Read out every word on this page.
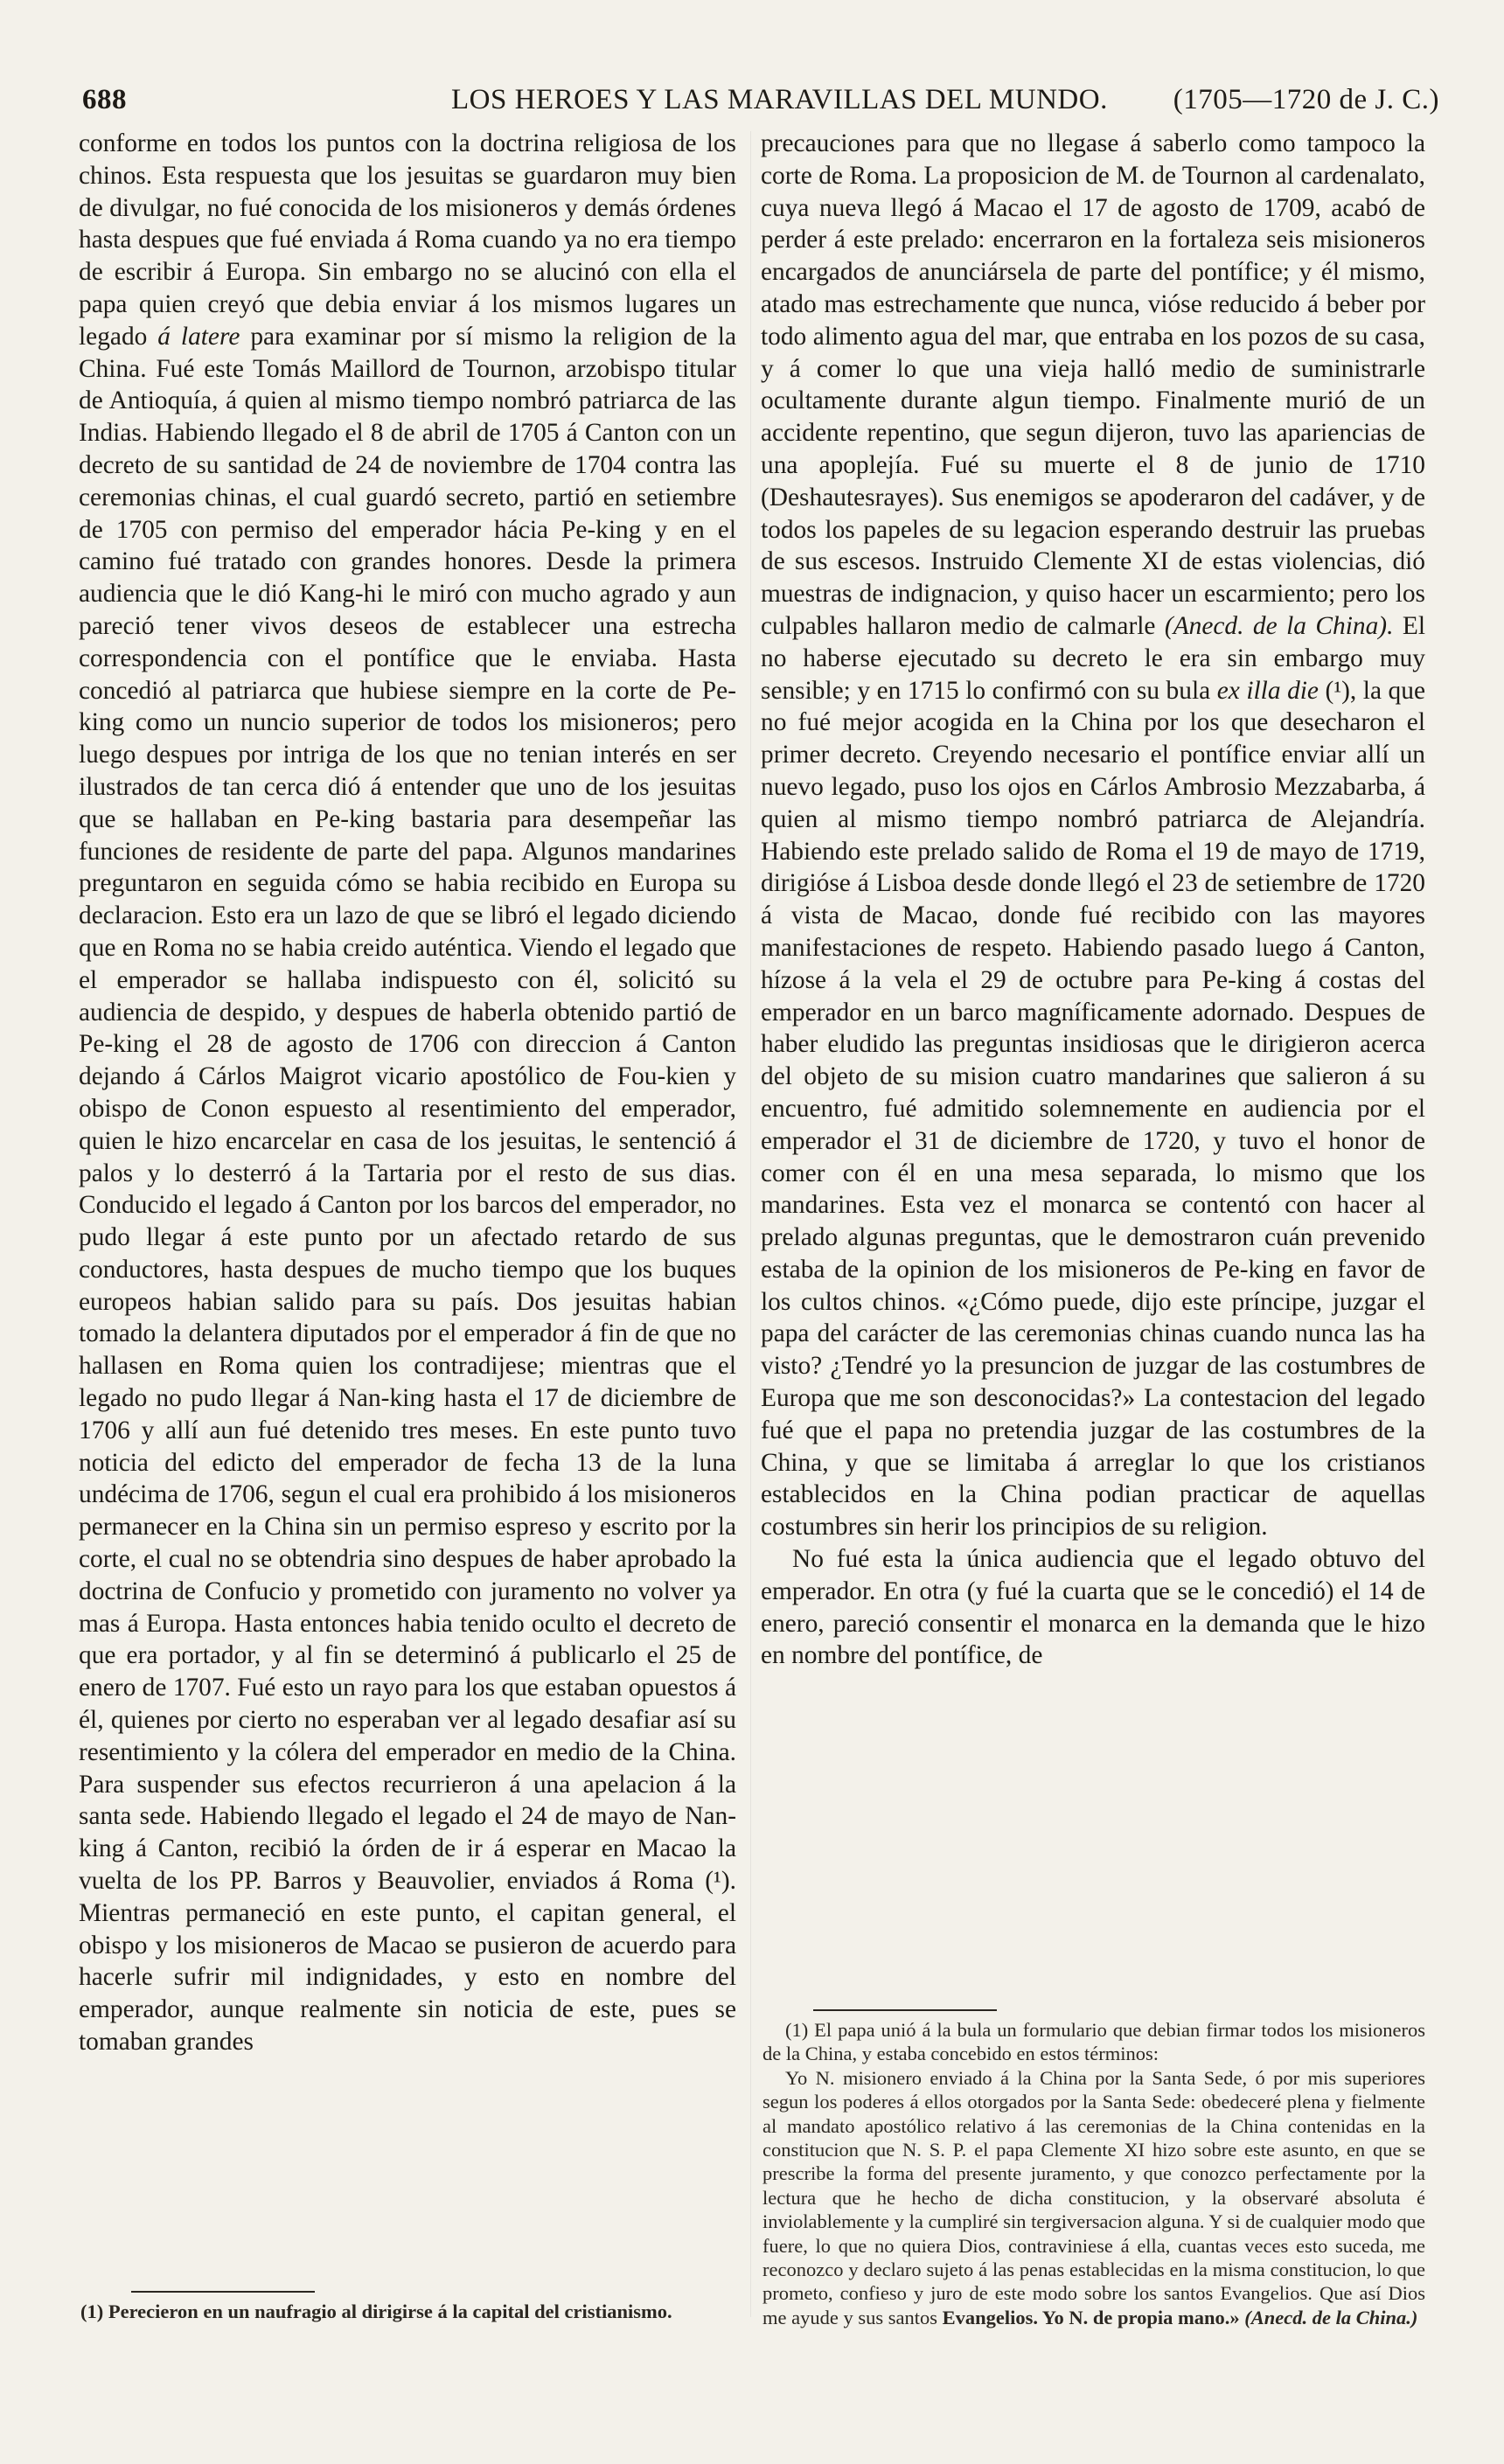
688	LOS HEROES Y LAS MARAVILLAS DEL MUNDO. (1705—1720 de J. C.)

conforme en todos los puntos con la doctrina religiosa de los chinos. Esta respuesta que los jesuitas se guardaron muy bien de divulgar, no fué conocida de los misioneros y demás órdenes hasta despues que fué enviada á Roma cuando ya no era tiempo de escribir á Europa. Sin embargo no se alucinó con ella el papa quien creyó que debia enviar á los mismos lugares un legado á latere para examinar por sí mismo la religion de la China. Fué este Tomás Maillord de Tournon, arzobispo titular de Antioquía, á quien al mismo tiempo nombró patriarca de las Indias. Habiendo llegado el 8 de abril de 1705 á Canton con un decreto de su santidad de 24 de noviembre de 1704 contra las ceremonias chinas, el cual guardó secreto, partió en setiembre de 1705 con permiso del emperador hácia Pe-king y en el camino fué tratado con grandes honores. Desde la primera audiencia que le dió Kang-hi le miró con mucho agrado y aun pareció tener vivos deseos de establecer una estrecha correspondencia con el pontífice que le enviaba. Hasta concedió al patriarca que hubiese siempre en la corte de Pe-king como un nuncio superior de todos los misioneros; pero luego despues por intriga de los que no tenian interés en ser ilustrados de tan cerca dió á entender que uno de los jesuitas que se hallaban en Pe-king bastaria para desempeñar las funciones de residente de parte del papa. Algunos mandarines preguntaron en seguida cómo se habia recibido en Europa su declaracion. Esto era un lazo de que se libró el legado diciendo que en Roma no se habia creido auténtica. Viendo el legado que el emperador se hallaba indispuesto con él, solicitó su audiencia de despido, y despues de haberla obtenido partió de Pe-king el 28 de agosto de 1706 con direccion á Canton dejando á Cárlos Maigrot vicario apostólico de Fou-kien y obispo de Conon espuesto al resentimiento del emperador, quien le hizo encarcelar en casa de los jesuitas, le sentenció á palos y lo desterró á la Tartaria por el resto de sus dias. Conducido el legado á Canton por los barcos del emperador, no pudo llegar á este punto por un afectado retardo de sus conductores, hasta despues de mucho tiempo que los buques europeos habian salido para su país. Dos jesuitas habian tomado la delantera diputados por el emperador á fin de que no hallasen en Roma quien los contradijese; mientras que el legado no pudo llegar á Nan-king hasta el 17 de diciembre de 1706 y allí aun fué detenido tres meses. En este punto tuvo noticia del edicto del emperador de fecha 13 de la luna undécima de 1706, segun el cual era prohibido á los misioneros permanecer en la China sin un permiso espreso y escrito por la corte, el cual no se obtendria sino despues de haber aprobado la doctrina de Confucio y prometido con juramento no volver ya mas á Europa. Hasta entonces habia tenido oculto el decreto de que era portador, y al fin se determinó á publicarlo el 25 de enero de 1707. Fué esto un rayo para los que estaban opuestos á él, quienes por cierto no esperaban ver al legado desafiar así su resentimiento y la cólera del emperador en medio de la China. Para suspender sus efectos recurrieron á una apelacion á la santa sede. Habiendo llegado el legado el 24 de mayo de Nan-king á Canton, recibió la órden de ir á esperar en Macao la vuelta de los PP. Barros y Beauvolier, enviados á Roma (¹). Mientras permaneció en este punto, el capitan general, el obispo y los misioneros de Macao se pusieron de acuerdo para hacerle sufrir mil indignidades, y esto en nombre del emperador, aunque realmente sin noticia de este, pues se tomaban grandes

precauciones para que no llegase á saberlo como tampoco la corte de Roma. La proposicion de M. de Tournon al cardenalato, cuya nueva llegó á Macao el 17 de agosto de 1709, acabó de perder á este prelado: encerraron en la fortaleza seis misioneros encargados de anunciársela de parte del pontífice; y él mismo, atado mas estrechamente que nunca, vióse reducido á beber por todo alimento agua del mar, que entraba en los pozos de su casa, y á comer lo que una vieja halló medio de suministrarle ocultamente durante algun tiempo. Finalmente murió de un accidente repentino, que segun dijeron, tuvo las apariencias de una apoplejía. Fué su muerte el 8 de junio de 1710 (Deshautesrayes). Sus enemigos se apoderaron del cadáver, y de todos los papeles de su legacion esperando destruir las pruebas de sus escesos. Instruido Clemente XI de estas violencias, dió muestras de indignacion, y quiso hacer un escarmiento; pero los culpables hallaron medio de calmarle (Anecd. de la China). El no haberse ejecutado su decreto le era sin embargo muy sensible; y en 1715 lo confirmó con su bula ex illa die (¹), la que no fué mejor acogida en la China por los que desecharon el primer decreto. Creyendo necesario el pontífice enviar allí un nuevo legado, puso los ojos en Cárlos Ambrosio Mezzabarba, á quien al mismo tiempo nombró patriarca de Alejandría. Habiendo este prelado salido de Roma el 19 de mayo de 1719, dirigióse á Lisboa desde donde llegó el 23 de setiembre de 1720 á vista de Macao, donde fué recibido con las mayores manifestaciones de respeto. Habiendo pasado luego á Canton, hízose á la vela el 29 de octubre para Pe-king á costas del emperador en un barco magníficamente adornado. Despues de haber eludido las preguntas insidiosas que le dirigieron acerca del objeto de su mision cuatro mandarines que salieron á su encuentro, fué admitido solemnemente en audiencia por el emperador el 31 de diciembre de 1720, y tuvo el honor de comer con él en una mesa separada, lo mismo que los mandarines. Esta vez el monarca se contentó con hacer al prelado algunas preguntas, que le demostraron cuán prevenido estaba de la opinion de los misioneros de Pe-king en favor de los cultos chinos. «¿Cómo puede, dijo este príncipe, juzgar el papa del carácter de las ceremonias chinas cuando nunca las ha visto? ¿Tendré yo la presuncion de juzgar de las costumbres de Europa que me son desconocidas?» La contestacion del legado fué que el papa no pretendia juzgar de las costumbres de la China, y que se limitaba á arreglar lo que los cristianos establecidos en la China podian practicar de aquellas costumbres sin herir los principios de su religion.

No fué esta la única audiencia que el legado obtuvo del emperador. En otra (y fué la cuarta que se le concedió) el 14 de enero, pareció consentir el monarca en la demanda que le hizo en nombre del pontífice, de

(1) Perecieron en un naufragio al dirigirse á la capital del cristianismo.

(1) El papa unió á la bula un formulario que debian firmar todos los misioneros de la China, y estaba concebido en estos términos:

Yo N. misionero enviado á la China por la Santa Sede, ó por mis superiores segun los poderes á ellos otorgados por la Santa Sede: obedeceré plena y fielmente al mandato apostólico relativo á las ceremonias de la China contenidas en la constitucion que N. S. P. el papa Clemente XI hizo sobre este asunto, en que se prescribe la forma del presente juramento, y que conozco perfectamente por la lectura que he hecho de dicha constitucion, y la observaré absoluta é inviolablemente y la cumpliré sin tergiversacion alguna. Y si de cualquier modo que fuere, lo que no quiera Dios, contraviniese á ella, cuantas veces esto suceda, me reconozco y declaro sujeto á las penas establecidas en la misma constitucion, lo que prometo, confieso y juro de este modo sobre los santos Evangelios. Que así Dios me ayude y sus santos Evangelios. Yo N. de propia mano.» (Anecd. de la China.)
